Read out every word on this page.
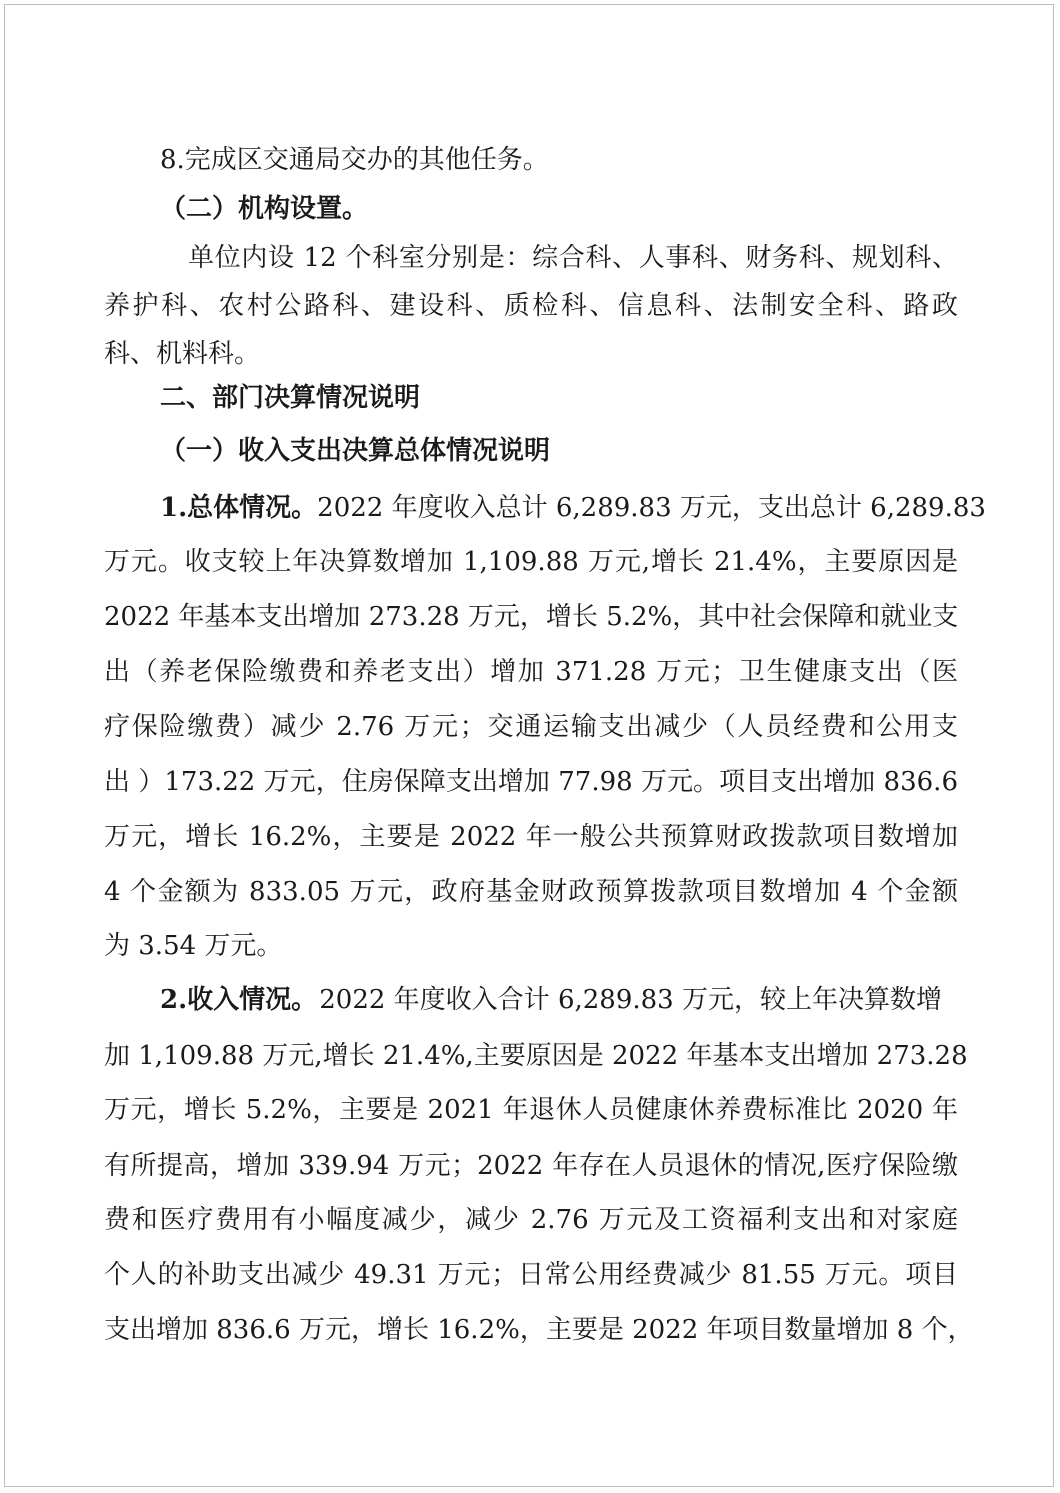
8.完成区交通局交办的其他任务。
（二）机构设置。
单位内设 12 个科室分别是：综合科、人事科、财务科、规划科、
养护科、农村公路科、建设科、质检科、信息科、法制安全科、路政
科、机料科。
二、部门决算情况说明
（一）收入支出决算总体情况说明
1.总体情况。 2022 年度收入总计 6,289.83 万元，支出总计 6,289.83
万元。收支较上年决算数增加 1,109.88 万元,增长 21.4%，主要原因是
2022 年基本支出增加 273.28 万元，增长 5.2%，其中社会保障和就业支
出（养老保险缴费和养老支出）增加 371.28 万元；卫生健康支出（医
疗保险缴费）减少 2.76 万元；交通运输支出减少（人员经费和公用支
出 ）173.22 万元，住房保障支出增加 77.98 万元。项目支出增加 836.6
万元，增长 16.2%，主要是 2022 年一般公共预算财政拨款项目数增加
4 个金额为 833.05 万元，政府基金财政预算拨款项目数增加 4 个金额
为 3.54 万元。
2.收入情况。 2022 年度收入合计 6,289.83 万元，较上年决算数增
加 1,109.88 万元,增长 21.4%,主要原因是 2022 年基本支出增加 273.28
万元，增长 5.2%，主要是 2021 年退休人员健康休养费标准比 2020 年
有所提高，增加 339.94 万元；2022 年存在人员退休的情况,医疗保险缴
费和医疗费用有小幅度减少，减少 2.76 万元及工资福利支出和对家庭
个人的补助支出减少 49.31 万元；日常公用经费减少 81.55 万元。项目
支出增加 836.6 万元，增长 16.2%，主要是 2022 年项目数量增加 8 个，
